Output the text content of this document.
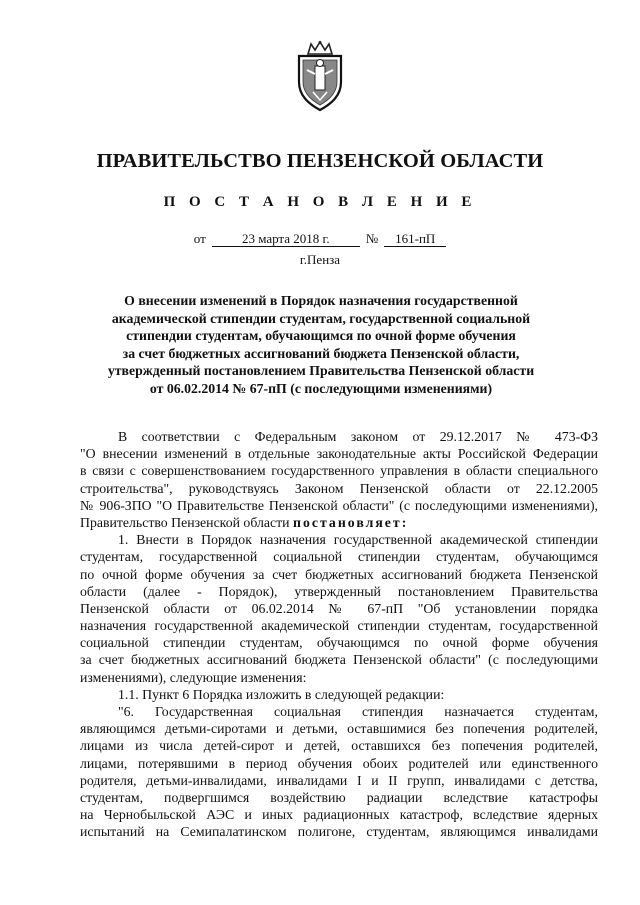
ПРАВИТЕЛЬСТВО ПЕНЗЕНСКОЙ ОБЛАСТИ
П О С Т А Н О В Л Е Н И Е
от	23 марта 2018 г.	№ 161-пП
г.Пенза
О внесении изменений в Порядок назначения государственной
академической стипендии студентам, государственной социальной
стипендии студентам, обучающимся по очной форме обучения
за счет бюджетных ассигнований бюджета Пензенской области,
утвержденный постановлением Правительства Пензенской области
от 06.02.2014 № 67-пП (с последующими изменениями)
В соответствии с Федеральным законом от 29.12.2017 № 473-ФЗ
"О внесении изменений в отдельные законодательные акты Российской Федерации
в связи с совершенствованием государственного управления в области специального
строительства", руководствуясь Законом Пензенской области от 22.12.2005
№ 906-ЗПО "О Правительстве Пензенской области" (с последующими изменениями),
Правительство Пензенской области постановляет:
1. Внести в Порядок назначения государственной академической стипендии
студентам, государственной социальной стипендии студентам, обучающимся
по очной форме обучения за счет бюджетных ассигнований бюджета Пензенской
области (далее - Порядок), утвержденный постановлением Правительства
Пензенской области от 06.02.2014 № 67-пП "Об установлении порядка
назначения государственной академической стипендии студентам, государственной
социальной стипендии студентам, обучающимся по очной форме обучения
за счет бюджетных ассигнований бюджета Пензенской области" (с последующими
изменениями), следующие изменения:
1.1. Пункт 6 Порядка изложить в следующей редакции:
"6. Государственная социальная стипендия назначается студентам,
являющимся детьми-сиротами и детьми, оставшимися без попечения родителей,
лицами из числа детей-сирот и детей, оставшихся без попечения родителей,
лицами, потерявшими в период обучения обоих родителей или единственного
родителя, детьми-инвалидами, инвалидами I и II групп, инвалидами с детства,
студентам, подвергшимся воздействию радиации вследствие катастрофы
на Чернобыльской АЭС и иных радиационных катастроф, вследствие ядерных
испытаний на Семипалатинском полигоне, студентам, являющимся инвалидами
